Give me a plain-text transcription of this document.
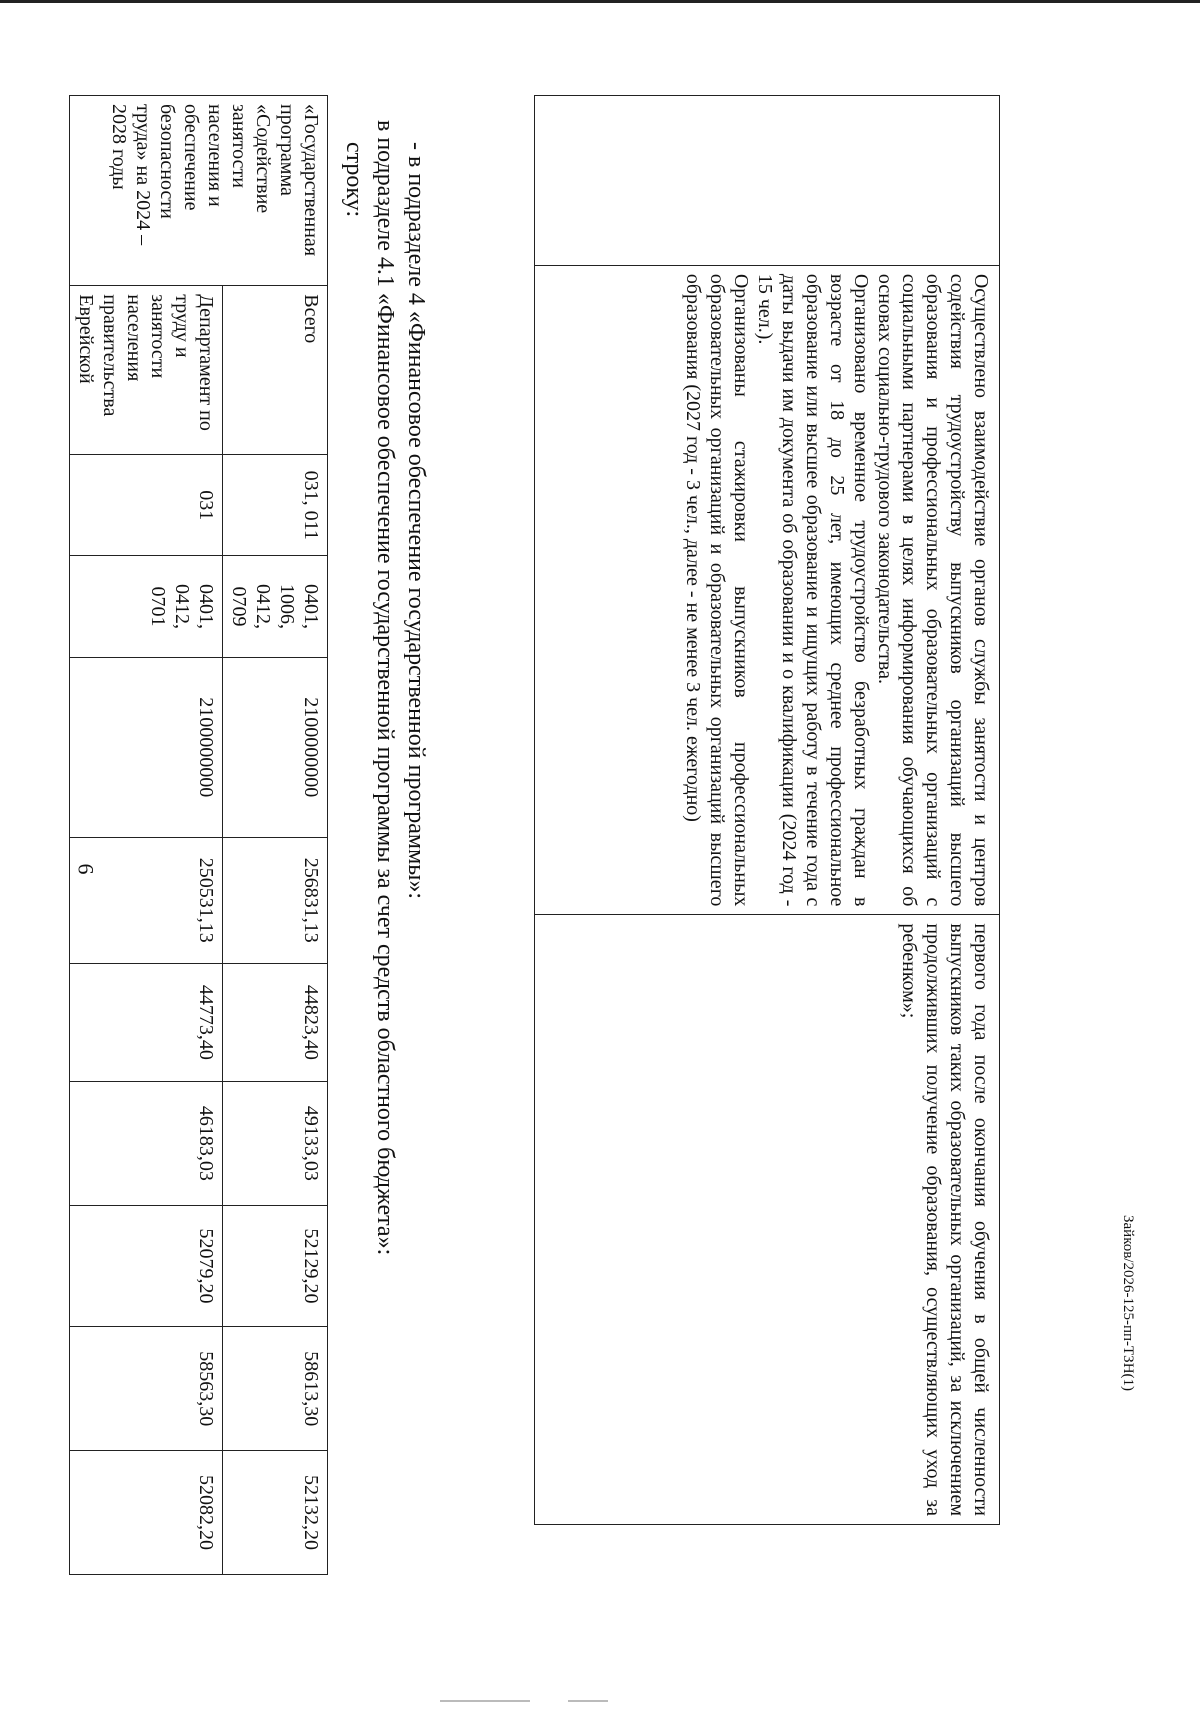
6
Зайков/2026-125-пп-ТЗН(1)

Осуществлено взаимодействие органов службы занятости и центров содействия трудоустройству выпускников организаций высшего образования и профессиональных образовательных организаций с социальными партнерами в целях информирования обучающихся об основах социально-трудового законодательства.

Организовано временное трудоустройство безработных граждан в возрасте от 18 до 25 лет, имеющих среднее профессиональное образование или высшее образование и ищущих работу в течение года с даты выдачи им документа об образовании и о квалификации (2024 год - 15 чел.).

Организованы стажировки выпускников профессиональных образовательных организаций и образовательных организаций высшего образования (2027 год - 3 чел., далее - не менее 3 чел. ежегодно)

первого года после окончания обучения в общей численности выпускников таких образовательных организаций, за исключением продолживших получение образования, осуществляющих уход за ребенком»;

- в подразделе 4 «Финансовое обеспечение государственной программы»:
в подразделе 4.1 «Финансовое обеспечение государственной программы за счет средств областного бюджета»:
строку:
«Государственная программа «Содействие занятости населения и обеспечение безопасности труда» на 2024 – 2028 годы	Всего	031, 011	0401, 1006, 0412, 0709	2100000000	256831,13	44823,40	49133,03	52129,20	58613,30	52132,20
	Департамент по труду и занятости населения правительства Еврейской	031	0401, 0412, 0701	2100000000	250531,13	44773,40	46183,03	52079,20	58563,30	52082,20
